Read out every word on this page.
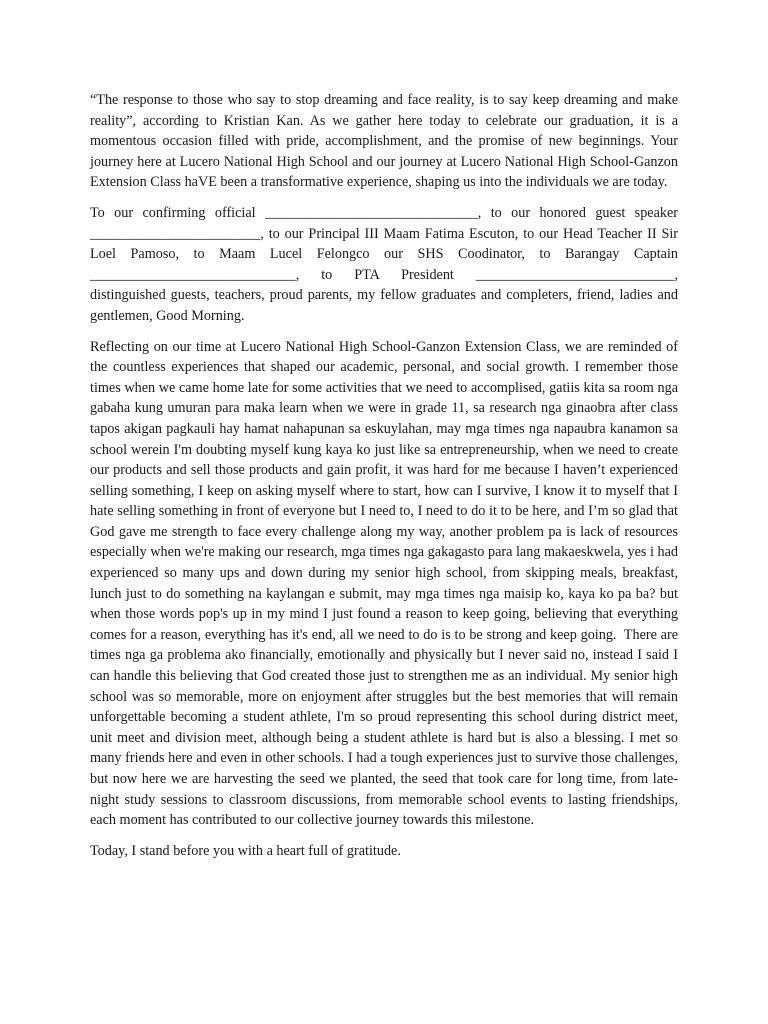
“The response to those who say to stop dreaming and face reality, is to say keep dreaming and make reality”, according to Kristian Kan. As we gather here today to celebrate our graduation, it is a momentous occasion filled with pride, accomplishment, and the promise of new beginnings. Your journey here at Lucero National High School and our journey at Lucero National High School-Ganzon Extension Class haVE been a transformative experience, shaping us into the individuals we are today.

To our confirming official ______________________________, to our honored guest speaker ________________________, to our Principal III Maam Fatima Escuton, to our Head Teacher II Sir Loel Pamoso, to Maam Lucel Felongco our SHS Coodinator, to Barangay Captain _____________________________, to PTA President ____________________________, distinguished guests, teachers, proud parents, my fellow graduates and completers, friend, ladies and gentlemen, Good Morning.

Reflecting on our time at Lucero National High School-Ganzon Extension Class, we are reminded of the countless experiences that shaped our academic, personal, and social growth. I remember those times when we came home late for some activities that we need to accomplised, gatiis kita sa room nga gabaha kung umuran para maka learn when we were in grade 11, sa research nga ginaobra after class tapos akigan pagkauli hay hamat nahapunan sa eskuylahan, may mga times nga napaubra kanamon sa school werein I'm doubting myself kung kaya ko just like sa entrepreneurship, when we need to create our products and sell those products and gain profit, it was hard for me because I haven’t experienced selling something, I keep on asking myself where to start, how can I survive, I know it to myself that I hate selling something in front of everyone but I need to, I need to do it to be here, and I’m so glad that God gave me strength to face every challenge along my way, another problem pa is lack of resources especially when we're making our research, mga times nga gakagasto para lang makaeskwela, yes i had experienced so many ups and down during my senior high school, from skipping meals, breakfast, lunch just to do something na kaylangan e submit, may mga times nga maisip ko, kaya ko pa ba? but when those words pop's up in my mind I just found a reason to keep going, believing that everything comes for a reason, everything has it's end, all we need to do is to be strong and keep going.  There are times nga ga problema ako financially, emotionally and physically but I never said no, instead I said I can handle this believing that God created those just to strengthen me as an individual. My senior high school was so memorable, more on enjoyment after struggles but the best memories that will remain unforgettable becoming a student athlete, I'm so proud representing this school during district meet, unit meet and division meet, although being a student athlete is hard but is also a blessing. I met so many friends here and even in other schools. I had a tough experiences just to survive those challenges,  but now here we are harvesting the seed we planted, the seed that took care for long time, from late-night study sessions to classroom discussions, from memorable school events to lasting friendships, each moment has contributed to our collective journey towards this milestone.

Today, I stand before you with a heart full of gratitude.
